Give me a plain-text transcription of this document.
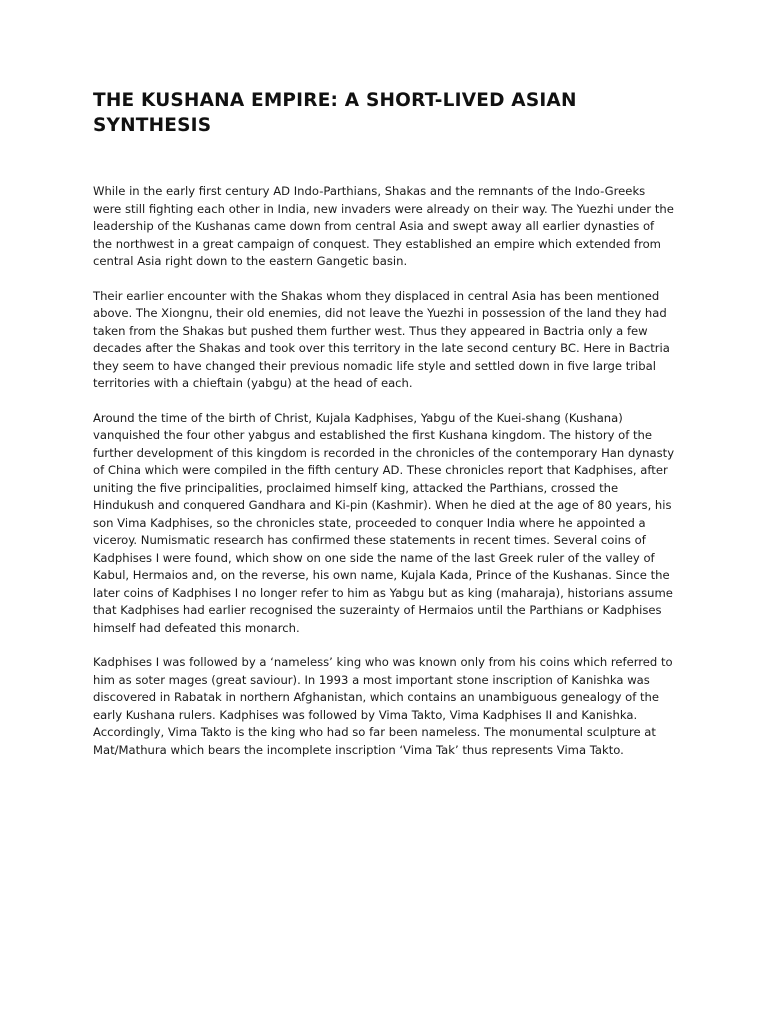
THE KUSHANA EMPIRE: A SHORT-LIVED ASIAN SYNTHESIS

While in the early first century AD Indo-Parthians, Shakas and the remnants of the Indo-Greeks were still fighting each other in India, new invaders were already on their way. The Yuezhi under the leadership of the Kushanas came down from central Asia and swept away all earlier dynasties of the northwest in a great campaign of conquest. They established an empire which extended from central Asia right down to the eastern Gangetic basin.

Their earlier encounter with the Shakas whom they displaced in central Asia has been mentioned above. The Xiongnu, their old enemies, did not leave the Yuezhi in possession of the land they had taken from the Shakas but pushed them further west. Thus they appeared in Bactria only a few decades after the Shakas and took over this territory in the late second century BC. Here in Bactria they seem to have changed their previous nomadic life style and settled down in five large tribal territories with a chieftain (yabgu) at the head of each.

Around the time of the birth of Christ, Kujala Kadphises, Yabgu of the Kuei-shang (Kushana) vanquished the four other yabgus and established the first Kushana kingdom. The history of the further development of this kingdom is recorded in the chronicles of the contemporary Han dynasty of China which were compiled in the fifth century AD. These chronicles report that Kadphises, after uniting the five principalities, proclaimed himself king, attacked the Parthians, crossed the Hindukush and conquered Gandhara and Ki-pin (Kashmir). When he died at the age of 80 years, his son Vima Kadphises, so the chronicles state, proceeded to conquer India where he appointed a viceroy. Numismatic research has confirmed these statements in recent times. Several coins of Kadphises I were found, which show on one side the name of the last Greek ruler of the valley of Kabul, Hermaios and, on the reverse, his own name, Kujala Kada, Prince of the Kushanas. Since the later coins of Kadphises I no longer refer to him as Yabgu but as king (maharaja), historians assume that Kadphises had earlier recognised the suzerainty of Hermaios until the Parthians or Kadphises himself had defeated this monarch.

Kadphises I was followed by a ‘nameless’ king who was known only from his coins which referred to him as soter mages (great saviour). In 1993 a most important stone inscription of Kanishka was discovered in Rabatak in northern Afghanistan, which contains an unambiguous genealogy of the early Kushana rulers. Kadphises was followed by Vima Takto, Vima Kadphises II and Kanishka. Accordingly, Vima Takto is the king who had so far been nameless. The monumental sculpture at Mat/Mathura which bears the incomplete inscription ‘Vima Tak’ thus represents Vima Takto.
